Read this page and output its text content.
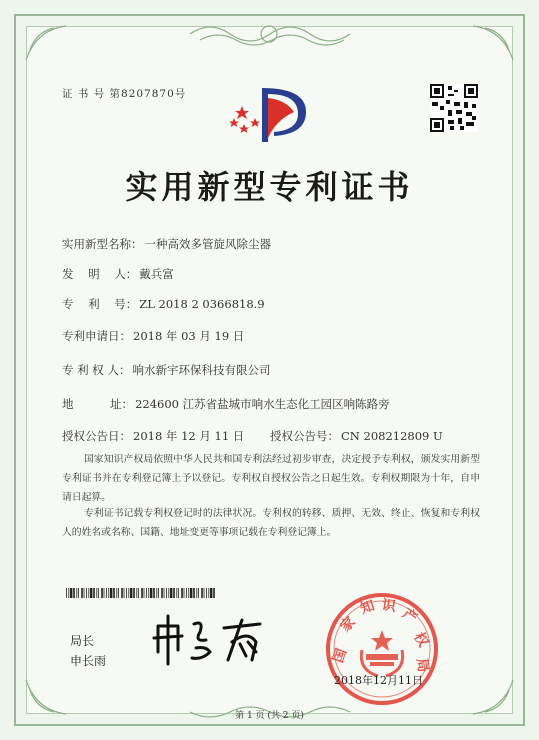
证 书 号 第8207870号
实用新型专利证书
实用新型名称： 一种高效多管旋风除尘器
发    明    人： 戴兵富
专    利    号： ZL 2018 2 0366818.9
专利申请日： 2018 年 03 月 19 日
专 利 权 人： 响水新宇环保科技有限公司
地          址： 224600 江苏省盐城市响水生态化工园区响陈路旁
授权公告日： 2018 年 12 月 11 日 授权公告号： CN 208212809 U
国家知识产权局依照中华人民共和国专利法经过初步审查，决定授予专利权，颁发实用新型专利证书并在专利登记簿上予以登记。专利权自授权公告之日起生效。专利权期限为十年，自申请日起算。
专利证书记载专利权登记时的法律状况。专利权的转移、质押、无效、终止、恢复和专利权人的姓名或名称、国籍、地址变更等事项记载在专利登记簿上。
局长
申长雨	国
家
知 识 产
权
局
2018年12月11日
第 1 页 (共 2 页)
